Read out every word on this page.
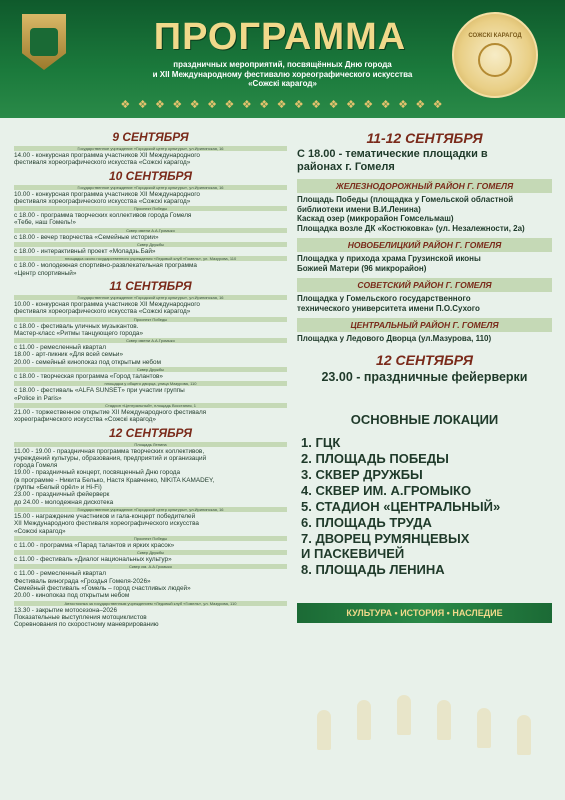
ПРОГРАММА
праздничных мероприятий, посвящённых Дню города
и XII Международному фестивалю хореографического искусства
«Сожскі карагод»
СОЖСКІ КАРАГОД
❖ ❖ ❖ ❖ ❖ ❖ ❖ ❖ ❖ ❖ ❖ ❖ ❖ ❖ ❖ ❖ ❖ ❖ ❖
9 СЕНТЯБРЯ
Государственное учреждение «Городской центр культуры», ул.Ирининская, 16
14.00 - конкурсная программа участников XII Международного
фестиваля хореографического искусства «Сожскі карагод»
10 СЕНТЯБРЯ
Государственное учреждение «Городской центр культуры», ул.Ирининская, 16
10.00 - конкурсная программа участников XII Международного
фестиваля хореографического искусства «Сожскі карагод»
Проспект Победы
с 18.00 - программа творческих коллективов города Гомеля
«Тебе, наш Гомель!»
Сквер имени А.А.Громыко
с 18.00 - вечер творчества «Семейные истории»
Сквер Дружбы
с 18.00 - интерактивный проект «Моладзь.Бай»
площадка около государственного учреждения «Ледовый клуб «Гомель», ул. Мазурова, 110
с 18.00 - молодежная спортивно-развлекательная программа
«Центр спортивный»
11 СЕНТЯБРЯ
Государственное учреждение «Городской центр культуры», ул.Ирининская, 16
10.00 - конкурсная программа участников XII Международного
фестиваля хореографического искусства «Сожскі карагод»
Проспект Победы
с 18.00 - фестиваль уличных музыкантов.
Мастер-класс «Ритмы танцующего города»
Сквер имени А.А.Громыко
с 11.00 - ремесленный квартал
18.00 - арт-пикник «Для всей семьи»
20.00 - семейный кинопоказ под открытым небом
Сквер Дружбы
с 18.00 - творческая программа «Город талантов»
площадка у общего дворца, улица Мазурова, 110
с 18.00 - фестиваль «ALFA SUNSET» при участии группы
«Police in Paris»
Стадион «Центральный», площадь Восстания, 1
21.00 - торжественное открытие XII Международного фестиваля
хореографического искусства «Сожскі карагод»
12 СЕНТЯБРЯ
Площадь Ленина
11.00 - 19.00 - праздничная программа творческих коллективов,
учреждений культуры, образования, предприятий и организаций
города Гомеля
19.00 - праздничный концерт, посвященный Дню города
(в программе - Никита Белько, Настя Кравченко, NIKITA KAMADEY,
группы «Белый орёл» и Hi-Fi)
23.00 - праздничный фейерверк
до 24.00 - молодежная дискотека
Государственное учреждение «Городской центр культуры», ул.Ирининская, 16
15.00 - награждение участников и гала-концерт победителей
XII Международного фестиваля хореографического искусства
«Сожскі карагод»
Проспект Победы
с 11.00 - программа «Парад талантов и ярких красок»
Сквер Дружбы
с 11.00 - фестиваль «Диалог национальных культур»
Сквер им. А.А.Громыко
с 11.00 - ремесленный квартал
Фестиваль винограда «Гроздья Гомеля-2026»
Семейный фестиваль «Гомель – город счастливых людей»
20.00 - кинопоказ под открытым небом
Автостоянка за государственным учреждением «Ледовый клуб «Гомель», ул. Мазурова, 110
13.30 - закрытие мотосезона–2026
Показательные выступления мотоциклистов
Соревнования по скоростному маневрированию
11-12 СЕНТЯБРЯ
С 18.00 - тематические площадки в
районах г. Гомеля
ЖЕЛЕЗНОДОРОЖНЫЙ РАЙОН Г. ГОМЕЛЯ
Площадь Победы (площадка у Гомельской областной
библиотеки имени В.И.Ленина)
Каскад озер (микрорайон Гомсельмаш)
Площадка возле ДК «Костюковка» (ул. Незалежности, 2а)
НОВОБЕЛИЦКИЙ РАЙОН Г. ГОМЕЛЯ
Площадка у прихода храма Грузинской иконы
Божией Матери (96 микрорайон)
СОВЕТСКИЙ РАЙОН Г. ГОМЕЛЯ
Площадка у Гомельского государственного
технического университета имени П.О.Сухого
ЦЕНТРАЛЬНЫЙ РАЙОН Г. ГОМЕЛЯ
Площадка у Ледового Дворца (ул.Мазурова, 110)
12 СЕНТЯБРЯ
23.00 - праздничные фейерверки
ОСНОВНЫЕ ЛОКАЦИИ
1. ГЦК
2. ПЛОЩАДЬ ПОБЕДЫ
3. СКВЕР ДРУЖБЫ
4. СКВЕР ИМ. А.ГРОМЫКО
5. СТАДИОН «ЦЕНТРАЛЬНЫЙ»
6. ПЛОЩАДЬ ТРУДА
7. ДВОРЕЦ РУМЯНЦЕВЫХ
И ПАСКЕВИЧЕЙ
8. ПЛОЩАДЬ ЛЕНИНА
КУЛЬТУРА • ИСТОРИЯ • НАСЛЕДИЕ
